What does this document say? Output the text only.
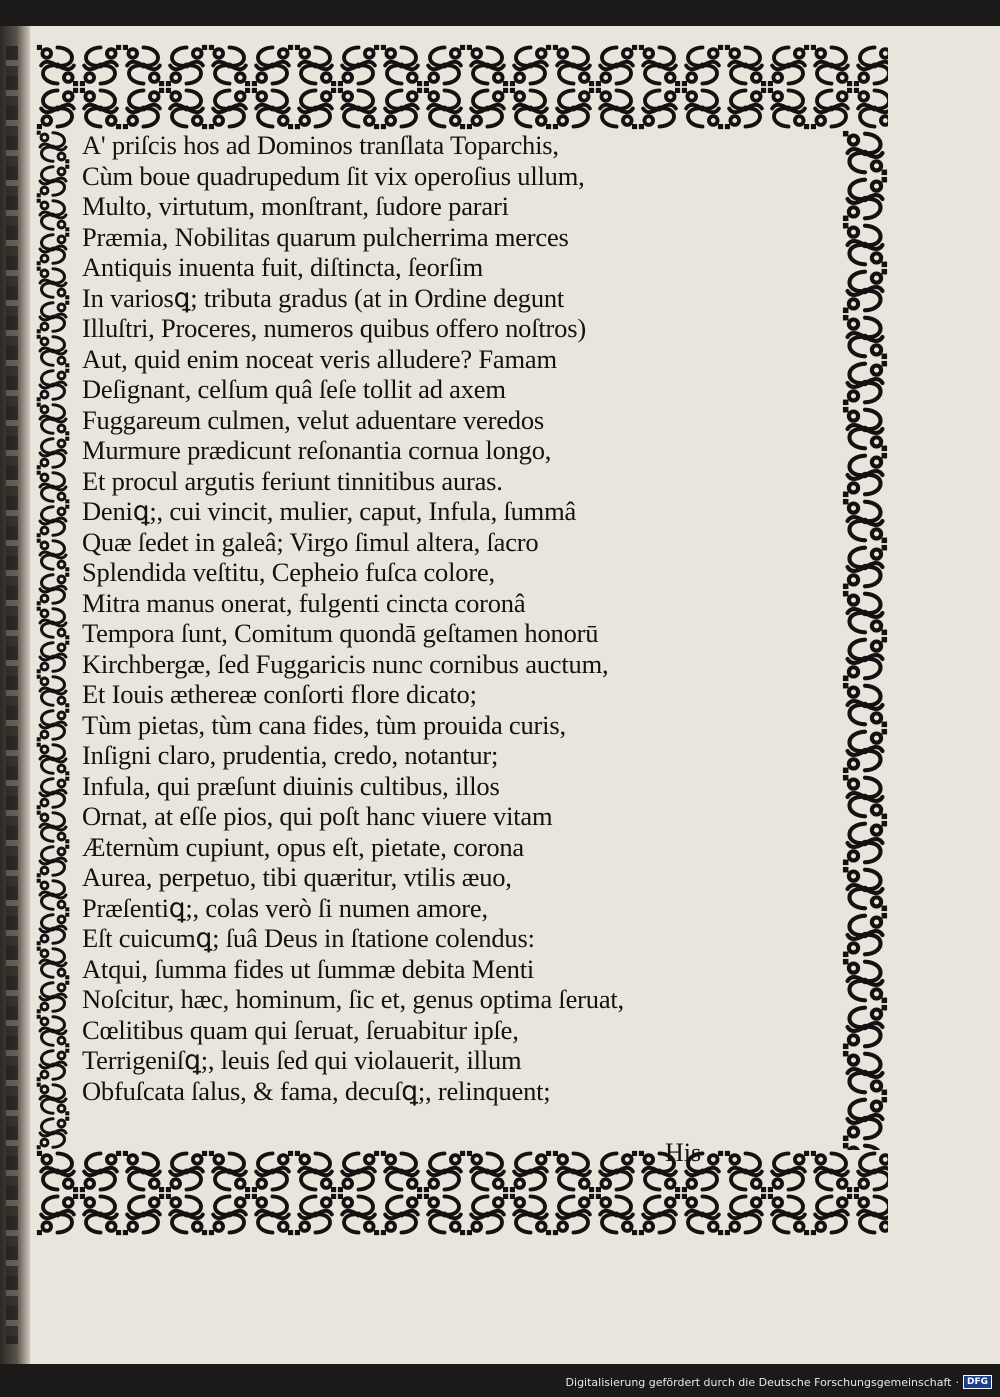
A' priſcis hos ad Dominos tranſlata Toparchis,
Cùm boue quadrupedum ſit vix operoſius ullum,
Multo, virtutum, monſtrant, ſudore parari
Præmia, Nobilitas quarum pulcherrima merces
Antiquis inuenta fuit, diſtincta, ſeorſim
In variosꝗ; tributa gradus (at in Ordine degunt
Illuſtri, Proceres, numeros quibus offero noſtros)
Aut, quid enim noceat veris alludere? Famam
Deſignant, celſum quâ ſeſe tollit ad axem
Fuggareum culmen, velut aduentare veredos
Murmure prædicunt reſonantia cornua longo,
Et procul argutis feriunt tinnitibus auras.
Deniꝗ;, cui vincit, mulier, caput, Infula, ſummâ
Quæ ſedet in galeâ; Virgo ſimul altera, ſacro
Splendida veſtitu, Cepheio fuſca colore,
Mitra manus onerat, fulgenti cincta coronâ
Tempora ſunt, Comitum quondā geſtamen honorū
Kirchbergæ, ſed Fuggaricis nunc cornibus auctum,
Et Iouis æthereæ conſorti flore dicato;
Tùm pietas, tùm cana fides, tùm prouida curis,
Inſigni claro, prudentia, credo, notantur;
Infula, qui præſunt diuinis cultibus, illos
Ornat, at eſſe pios, qui poſt hanc viuere vitam
Æternùm cupiunt, opus eſt, pietate, corona
Aurea, perpetuo, tibi quæritur, vtilis æuo,
Præſentiꝗ;, colas verò ſi numen amore,
Eſt cuicumꝗ; ſuâ Deus in ſtatione colendus:
Atqui, ſumma fides ut ſummæ debita Menti
Noſcitur, hæc, hominum, ſic et, genus optima ſeruat,
Cœlitibus quam qui ſeruat, ſeruabitur ipſe,
Terrigeniſꝗ;, leuis ſed qui violauerit, illum
Obfuſcata ſalus, & fama, decuſꝗ;, relinquent;
His
Digitalisierung gefördert durch die Deutsche Forschungsgemeinschaft · DFG
